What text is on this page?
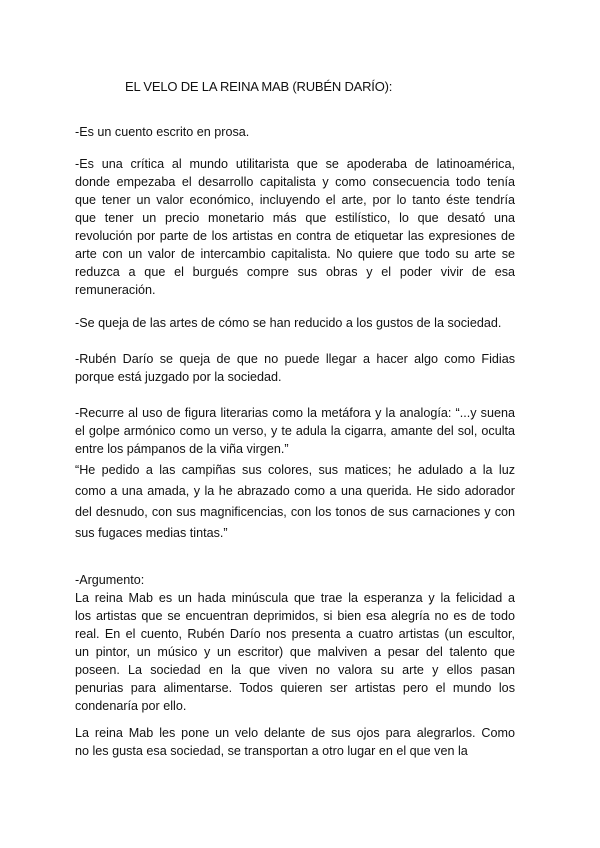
EL VELO DE LA REINA MAB (RUBÉN DARÍO):
-Es un cuento escrito en prosa.
-Es una crítica al mundo utilitarista que se apoderaba de latinoamérica,
donde empezaba el desarrollo capitalista y como consecuencia todo tenía
que tener un valor económico, incluyendo el arte, por lo tanto éste tendría
que tener un precio monetario más que estilístico, lo que desató una
revolución por parte de los artistas en contra de etiquetar las expresiones de
arte con un valor de intercambio capitalista. No quiere que todo su arte se
reduzca a que el burgués compre sus obras y el poder vivir de esa
remuneración.
-Se queja de las artes de cómo se han reducido a los gustos de la sociedad.
-Rubén Darío se queja de que no puede llegar a hacer algo como Fidias
porque está juzgado por la sociedad.
-Recurre al uso de figura literarias como la metáfora y la analogía: “...y suena
el golpe armónico como un verso, y te adula la cigarra, amante del sol, oculta
entre los pámpanos de la viña virgen.”
“He pedido a las campiñas sus colores, sus matices; he adulado a la luz
como a una amada, y la he abrazado como a una querida. He sido adorador
del desnudo, con sus magnificencias, con los tonos de sus carnaciones y con
sus fugaces medias tintas.”
-Argumento:
La reina Mab es un hada minúscula que trae la esperanza y la felicidad a
los artistas que se encuentran deprimidos, si bien esa alegría no es de todo
real. En el cuento, Rubén Darío nos presenta a cuatro artistas (un escultor,
un pintor, un músico y un escritor) que malviven a pesar del talento que
poseen. La sociedad en la que viven no valora su arte y ellos pasan
penurias para alimentarse. Todos quieren ser artistas pero el mundo los
condenaría por ello.
La reina Mab les pone un velo delante de sus ojos para alegrarlos. Como
no les gusta esa sociedad, se transportan a otro lugar en el que ven la
